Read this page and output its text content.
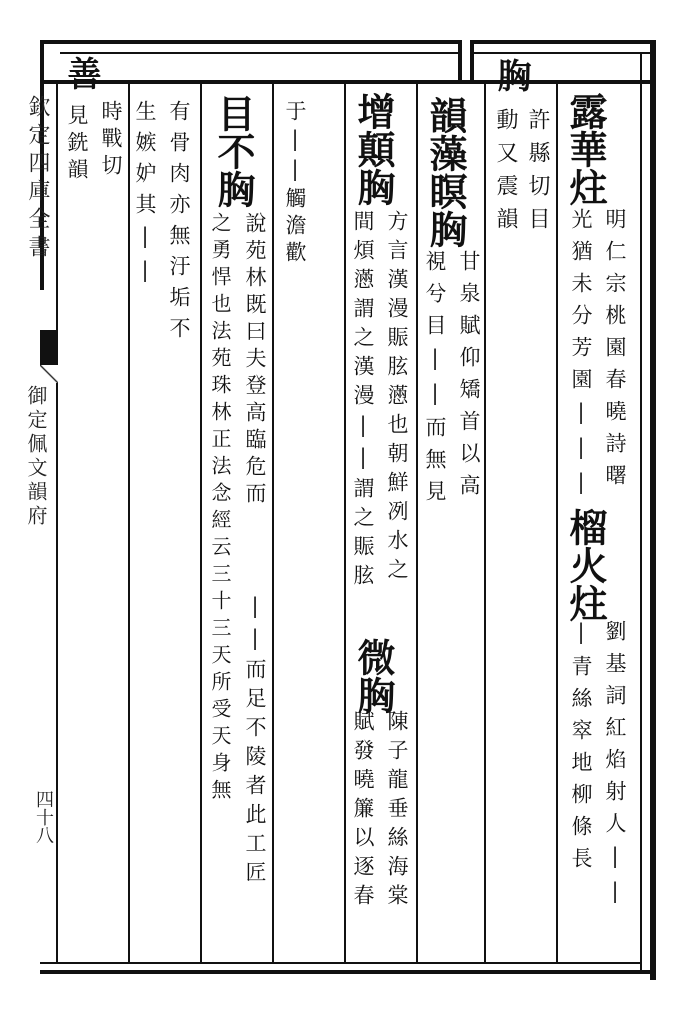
欽定四庫全書
御定佩文韻府
四十八
胸
善
露華炷
明仁宗桃園春曉詩曙
光猶未分芳園|||
榴火炷
劉基詞紅焰射人||
|青絲窣地柳條長
許縣切目
動又震韻
韻藻瞑胸
甘泉賦仰矯首以高
視兮目||而無見
增顛胸
方言漢漫賑胘懣也朝鮮冽水之
間煩懣謂之漢漫||謂之賑胘
微胸
陳子龍垂絲海棠
賦發曉簾以逐春
于||觸澹歡
目不胸
說苑林既曰夫登高臨危而
之勇悍也法苑珠林正法念經云三十三天所受天身無 ||而足不陵者此工匠
有骨肉亦無汙垢不
生嫉妒其||
時戰切
見銑韻
